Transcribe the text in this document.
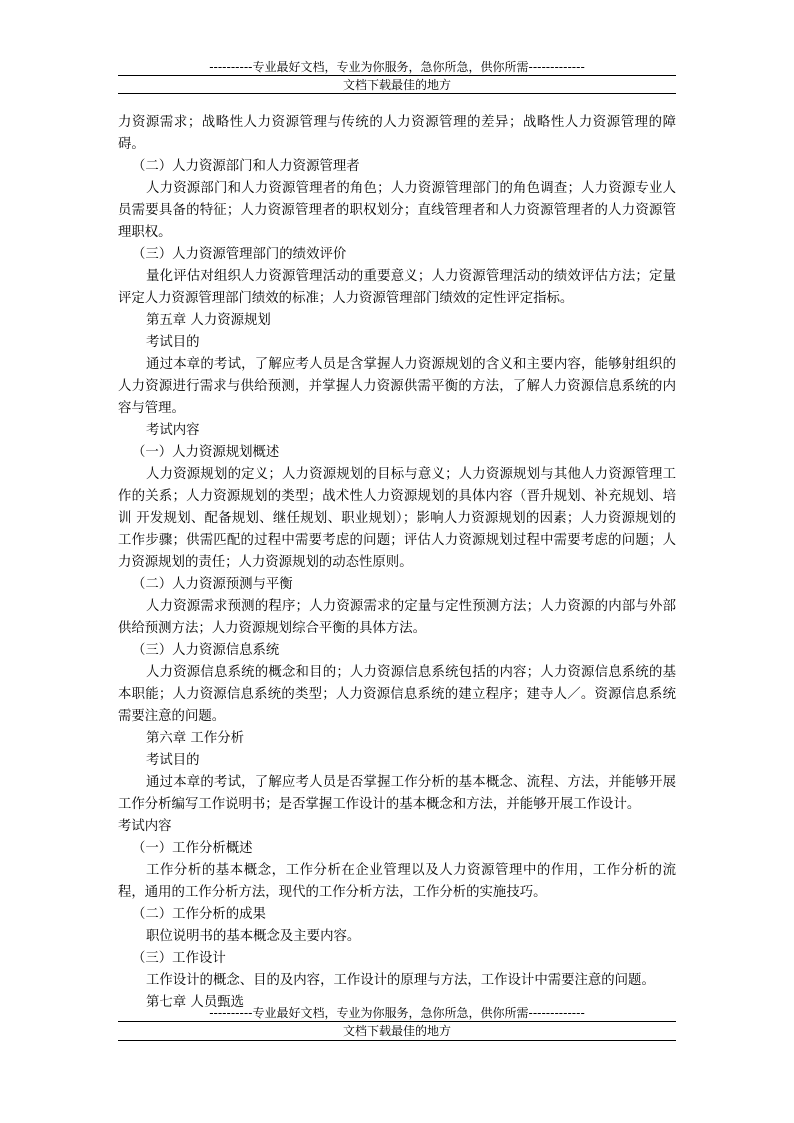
----------专业最好文档，专业为你服务，急你所急，供你所需-------------
文档下载最佳的地方

力资源需求；战略性人力资源管理与传统的人力资源管理的差异；战略性人力资源管理的障碍。

（二）人力资源部门和人力资源管理者

人力资源部门和人力资源管理者的角色；人力资源管理部门的角色调查；人力资源专业人 员需要具备的特征；人力资源管理者的职权划分；直线管理者和人力资源管理者的人力资源管 理职权。

（三）人力资源管理部门的绩效评价

量化评估对组织人力资源管理活动的重要意义；人力资源管理活动的绩效评估方法；定量评定人力资源管理部门绩效的标准；人力资源管理部门绩效的定性评定指标。

第五章 人力资源规划

考试目的

通过本章的考试，了解应考人员是含掌握人力资源规划的含义和主要内容，能够射组织的人力资源进行需求与供给预测，并掌握人力资源供需平衡的方法，了解人力资源信息系统的内容与管理。

考试内容

（一）人力资源规划概述

人力资源规划的定义；人力资源规划的目标与意义；人力资源规划与其他人力资源管理工作的关系；人力资源规划的类型；战术性人力资源规划的具体内容（晋升规划、补充规划、培训 开发规划、配备规划、继任规划、职业规划）；影响人力资源规划的因素；人力资源规划的工作步骤；供需匹配的过程中需要考虑的问题；评估人力资源规划过程中需要考虑的问题；人力资源规划的责任；人力资源规划的动态性原则。

（二）人力资源预测与平衡

人力资源需求预测的程序；人力资源需求的定量与定性预测方法；人力资源的内部与外部供给预测方法；人力资源规划综合平衡的具体方法。

（三）人力资源信息系统

人力资源信息系统的概念和目的；人力资源信息系统包括的内容；人力资源信息系统的基本职能；人力资源信息系统的类型；人力资源信息系统的建立程序；建寺人／。资源信息系统需要注意的问题。

第六章 工作分析

考试目的

通过本章的考试，了解应考人员是否掌握工作分析的基本概念、流程、方法，并能够开展工作分析编写工作说明书；是否掌握工作设计的基本概念和方法，并能够开展工作设计。

考试内容

（一）工作分析概述

工作分析的基本概念，工作分析在企业管理以及人力资源管理中的作用，工作分析的流程，通用的工作分析方法，现代的工作分析方法，工作分析的实施技巧。

（二）工作分析的成果

职位说明书的基本概念及主要内容。

（三）工作设计

工作设计的概念、目的及内容，工作设计的原理与方法，工作设计中需要注意的问题。

第七章 人员甄选

----------专业最好文档，专业为你服务，急你所急，供你所需-------------
文档下载最佳的地方
